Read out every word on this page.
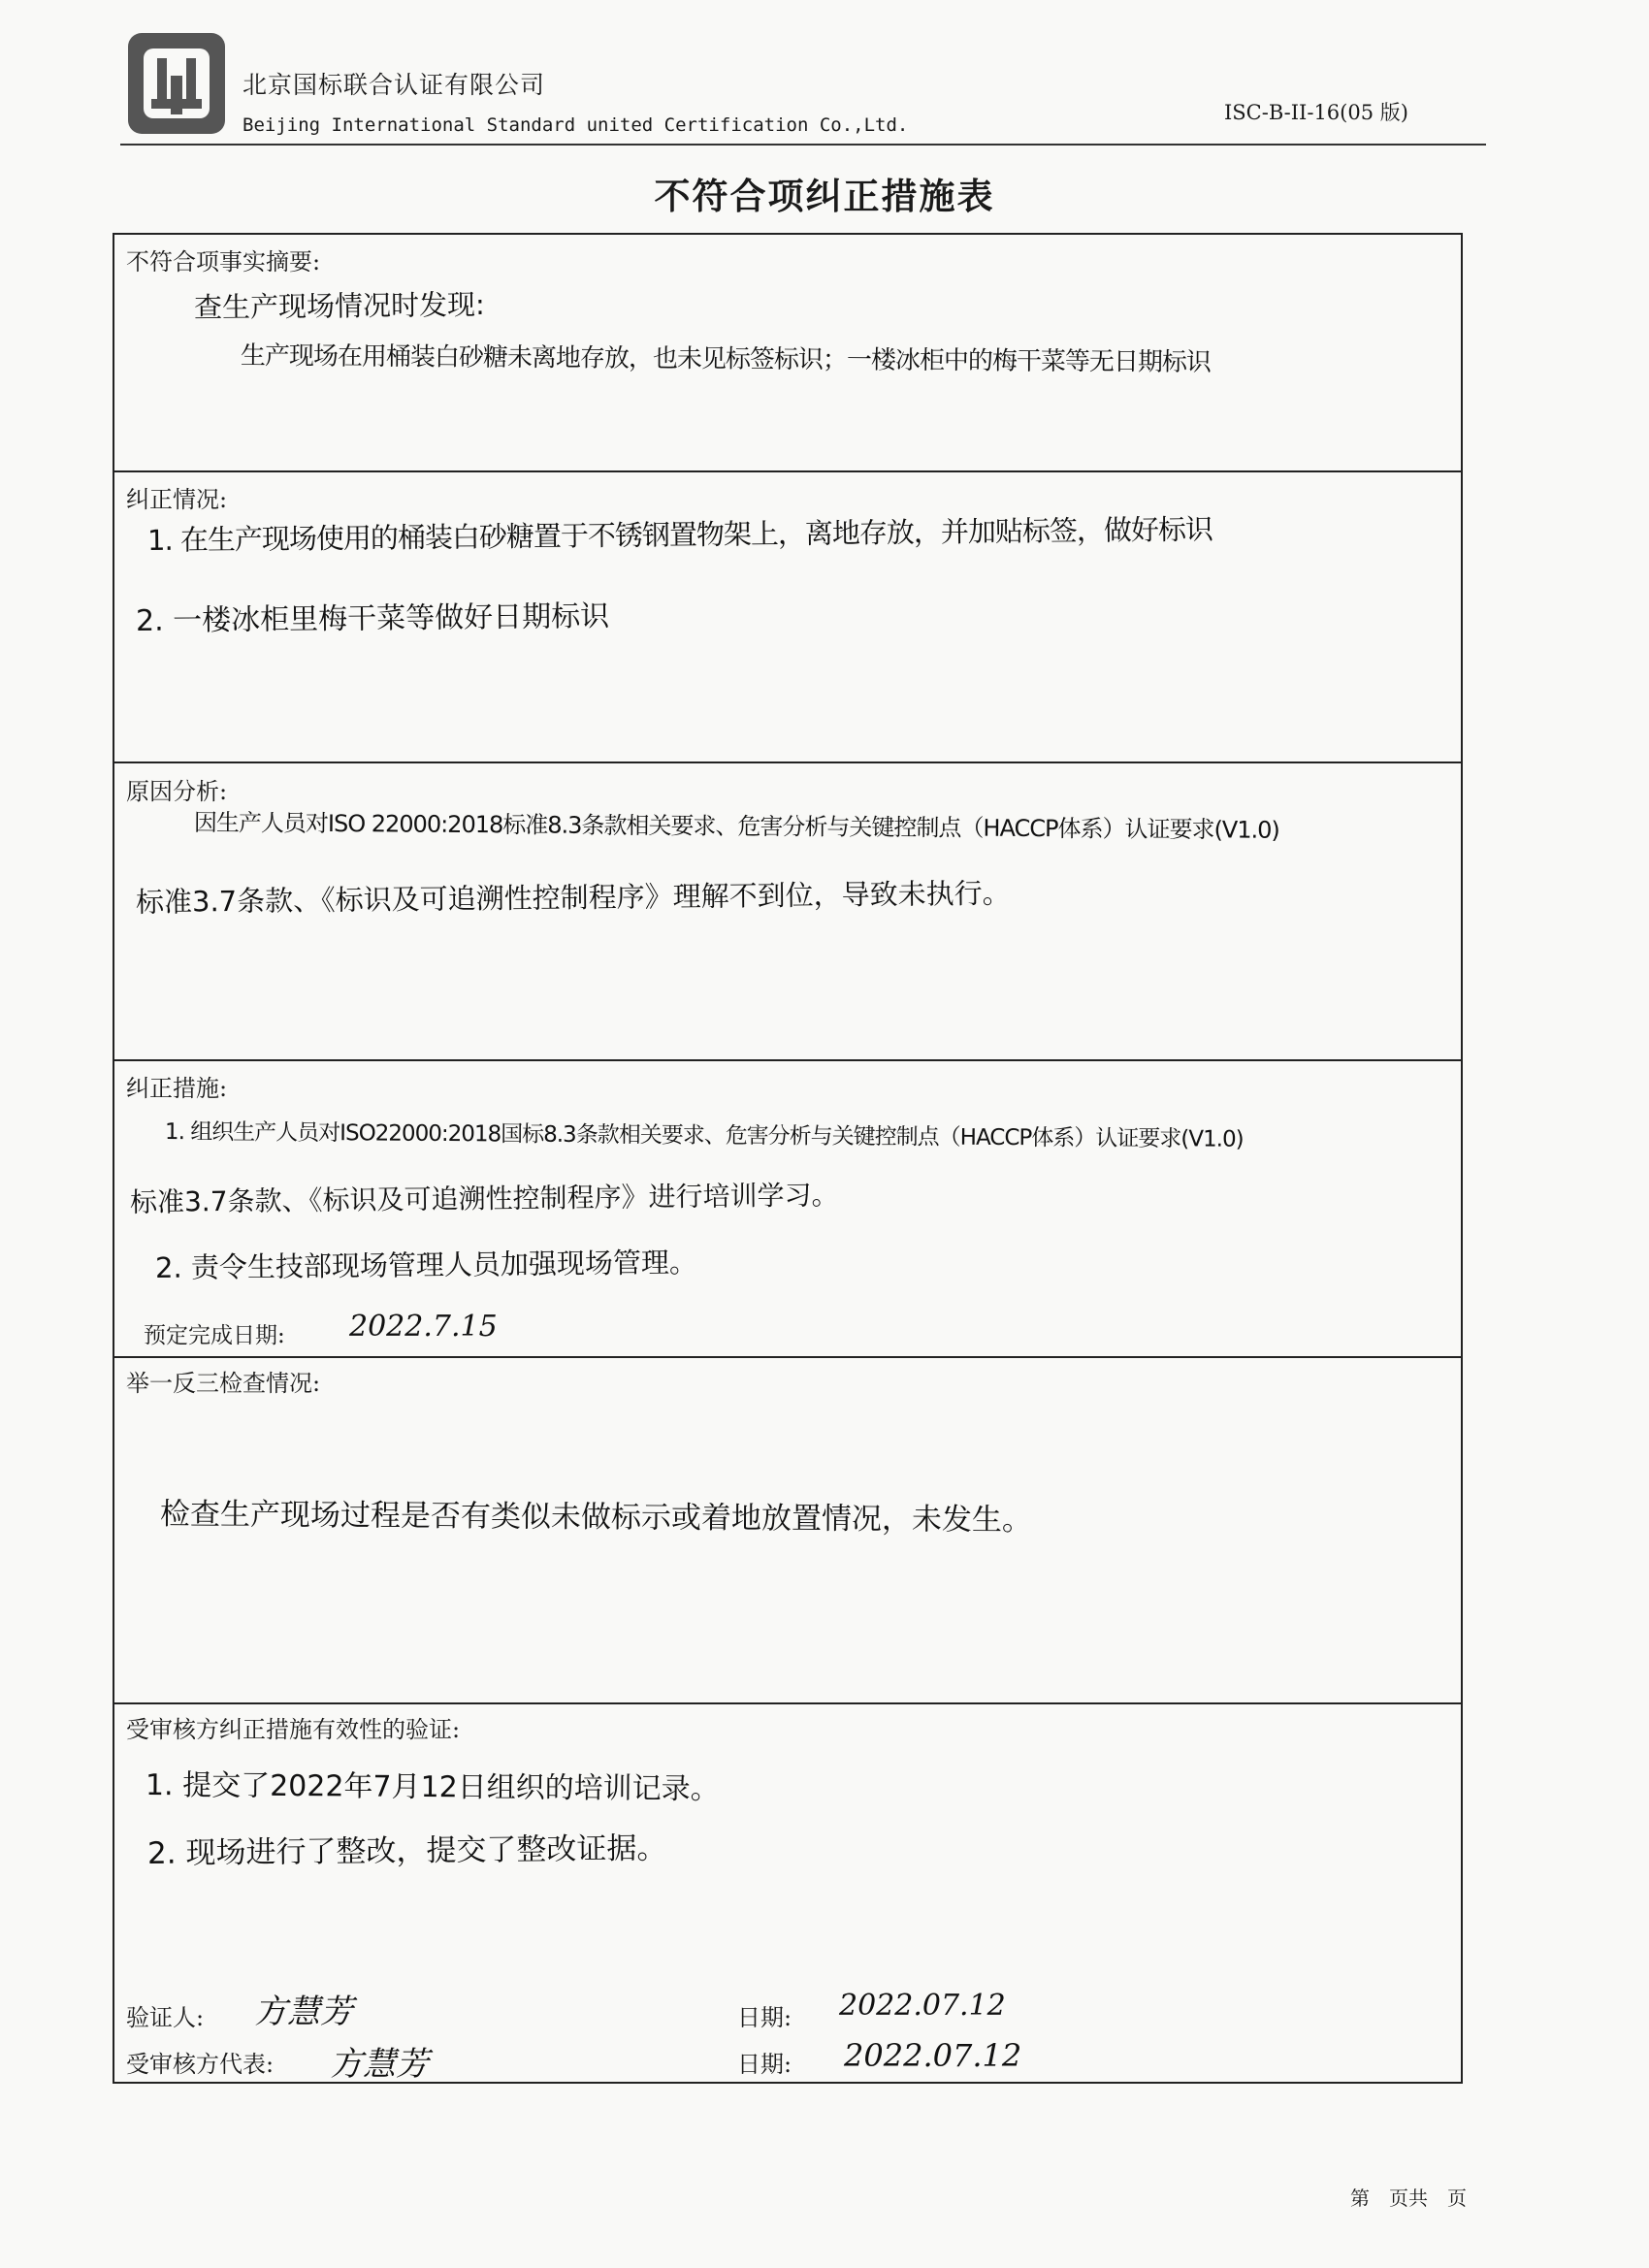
北京国标联合认证有限公司
Beijing International Standard united Certification Co.,Ltd.
ISC-B-II-16(05 版)
不符合项纠正措施表
不符合项事实摘要:
查生产现场情况时发现:
生产现场在用桶装白砂糖未离地存放，也未见标签标识；一楼冰柜中的梅干菜等无日期标识
纠正情况:
1. 在生产现场使用的桶装白砂糖置于不锈钢置物架上，离地存放，并加贴标签，做好标识
2. 一楼冰柜里梅干菜等做好日期标识
原因分析:
因生产人员对ISO 22000:2018标准8.3条款相关要求、危害分析与关键控制点（HACCP体系）认证要求(V1.0)
标准3.7条款、《标识及可追溯性控制程序》理解不到位，导致未执行。
纠正措施:
1. 组织生产人员对ISO22000:2018国标8.3条款相关要求、危害分析与关键控制点（HACCP体系）认证要求(V1.0)
标准3.7条款、《标识及可追溯性控制程序》进行培训学习。
2. 责令生技部现场管理人员加强现场管理。
预定完成日期: 2022.7.15
举一反三检查情况:
检查生产现场过程是否有类似未做标示或着地放置情况，未发生。
受审核方纠正措施有效性的验证:
1. 提交了2022年7月12日组织的培训记录。
2. 现场进行了整改，提交了整改证据。
验证人: 方慧芳	日期: 2022.07.12
受审核方代表: 方慧芳	日期: 2022.07.12
第　页共　页
